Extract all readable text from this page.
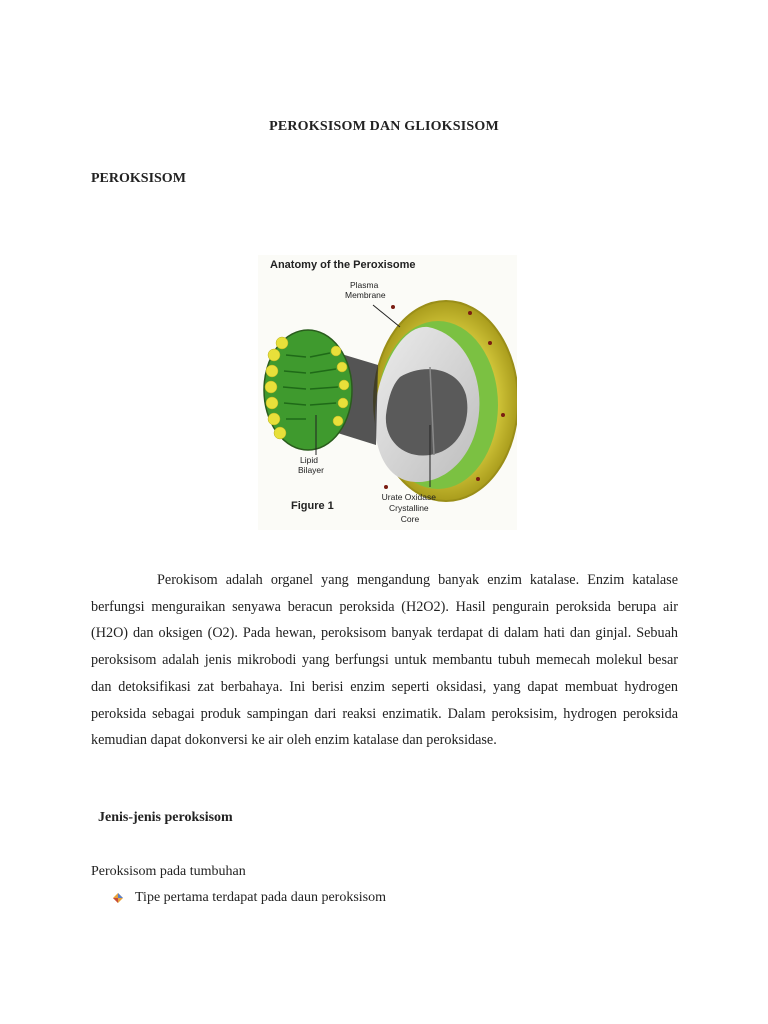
PEROKSISOM DAN GLIOKSISOM
PEROKSISOM
Anatomy of the Peroxisome
Plasma Membrane
Lipid Bilayer
Figure 1
Urate Oxidase Crystalline Core

Perokisom adalah organel yang mengandung banyak enzim katalase. Enzim katalase berfungsi menguraikan senyawa beracun peroksida (H2O2). Hasil pengurain peroksida berupa air (H2O) dan oksigen (O2). Pada hewan, peroksisom banyak terdapat di dalam hati dan ginjal. Sebuah peroksisom adalah jenis mikrobodi yang berfungsi untuk membantu tubuh memecah molekul besar dan detoksifikasi zat berbahaya. Ini berisi enzim seperti oksidasi, yang dapat membuat hydrogen peroksida sebagai produk sampingan dari reaksi enzimatik. Dalam peroksisim, hydrogen peroksida kemudian dapat dokonversi ke air oleh enzim katalase dan peroksidase.

Jenis-jenis peroksisom
Peroksisom pada tumbuhan
Tipe pertama terdapat pada daun peroksisom
